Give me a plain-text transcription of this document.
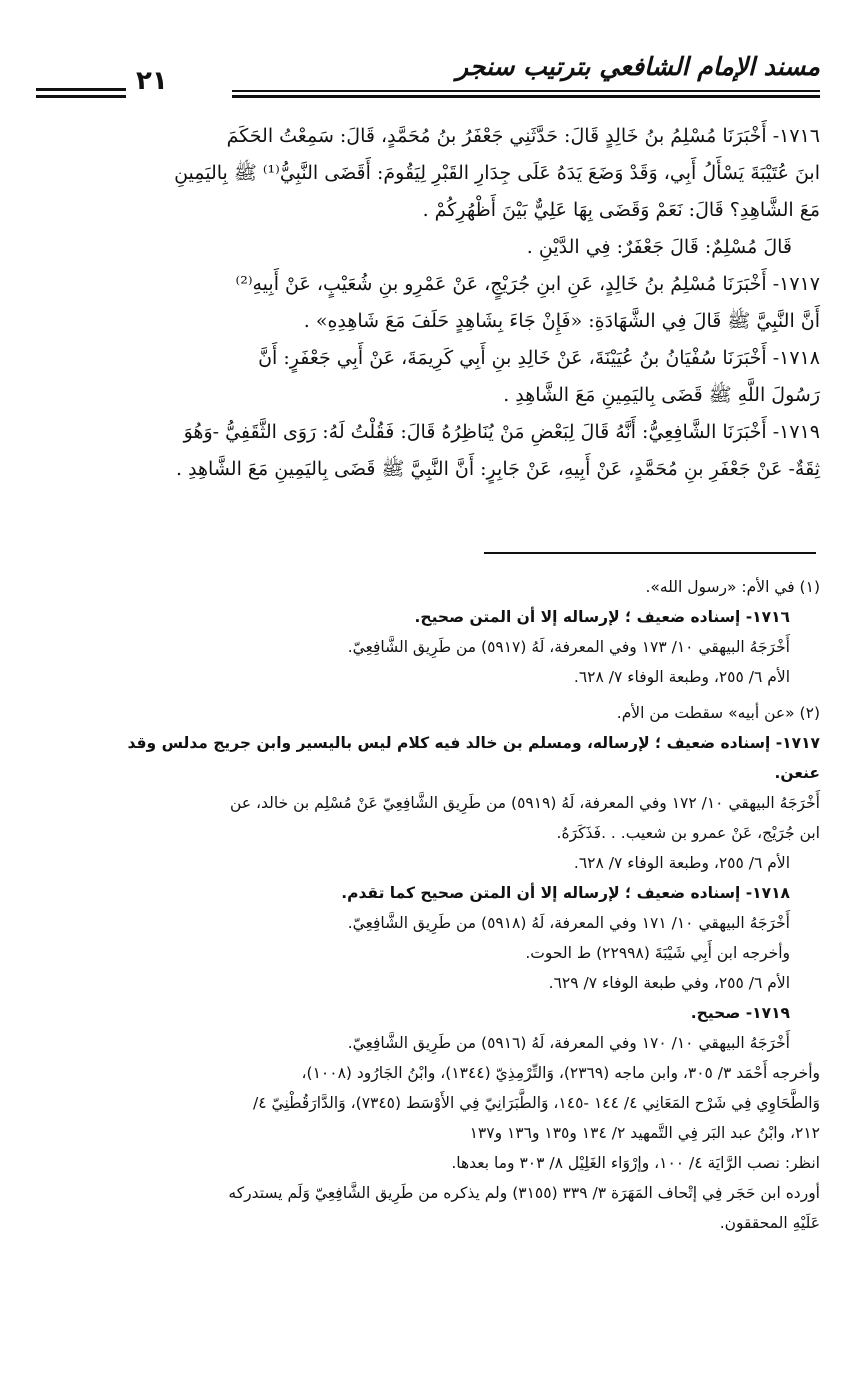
مسند الإمام الشافعي بترتيب سنجر
٢١

١٧١٦- أَخْبَرَنَا مُسْلِمُ بنُ خَالِدٍ قَالَ: حَدَّثَنِي جَعْفَرُ بنُ مُحَمَّدٍ، قَالَ: سَمِعْتُ الحَكَمَ

ابنَ عُتَيْبَةَ يَسْأَلُ أَبِي، وَقَدْ وَضَعَ يَدَهُ عَلَى جِدَارِ القَبْرِ لِيَقُومَ: أَقَضَى النَّبِيُّ⁽¹⁾ ﷺ بِاليَمِينِ

مَعَ الشَّاهِدِ؟ قَالَ: نَعَمْ وَقَضَى بِهَا عَلِيٌّ بَيْنَ أَظْهُرِكُمْ .

قَالَ مُسْلِمٌ: قَالَ جَعْفَرٌ: فِي الدَّيْنِ .

١٧١٧- أَخْبَرَنَا مُسْلِمُ بنُ خَالِدٍ، عَنِ ابنِ جُرَيْجٍ، عَنْ عَمْرِو بنِ شُعَيْبٍ، عَنْ أَبِيهِ⁽²⁾

أَنَّ النَّبِيَّ ﷺ قَالَ فِي الشَّهَادَةِ: «فَإِنْ جَاءَ بِشَاهِدٍ حَلَفَ مَعَ شَاهِدِهِ» .

١٧١٨- أَخْبَرَنَا سُفْيَانُ بنُ عُيَيْنَةَ، عَنْ خَالِدِ بنِ أَبِي كَرِيمَةَ، عَنْ أَبِي جَعْفَرٍ: أَنَّ

رَسُولَ اللَّهِ ﷺ قَضَى بِاليَمِينِ مَعَ الشَّاهِدِ .

١٧١٩- أَخْبَرَنَا الشَّافِعِيُّ: أَنَّهُ قَالَ لِبَعْضِ مَنْ يُنَاظِرُهُ قَالَ: فَقُلْتُ لَهُ: رَوَى الثَّقَفِيُّ -وَهُوَ

ثِقَةٌ- عَنْ جَعْفَرِ بنِ مُحَمَّدٍ، عَنْ أَبِيهِ، عَنْ جَابِرٍ: أَنَّ النَّبِيَّ ﷺ قَضَى بِاليَمِينِ مَعَ الشَّاهِدِ .

(١) في الأم: «رسول الله».

١٧١٦- إسناده ضعيف ؛ لإرساله إلا أن المتن صحيح.

أَخْرَجَهُ البيهقي ١٠/ ١٧٣ وفي المعرفة، لَهُ (٥٩١٧) من طَرِيق الشَّافِعِيّ.

الأم ٦/ ٢٥٥، وطبعة الوفاء ٧/ ٦٢٨.

(٢) «عن أبيه» سقطت من الأم.

١٧١٧- إسناده ضعيف ؛ لإرساله، ومسلم بن خالد فيه كلام ليس باليسير وابن جريج مدلس وقد

عنعن.

أَخْرَجَهُ البيهقي ١٠/ ١٧٢ وفي المعرفة، لَهُ (٥٩١٩) من طَرِيق الشَّافِعِيّ عَنْ مُسْلِم بن خالد، عن

ابن جُرَيْج، عَنْ عمرو بن شعيب. . .فَذَكَرَهُ.

الأم ٦/ ٢٥٥، وطبعة الوفاء ٧/ ٦٢٨.

١٧١٨- إسناده ضعيف ؛ لإرساله إلا أن المتن صحيح كما تقدم.

أَخْرَجَهُ البيهقي ١٠/ ١٧١ وفي المعرفة، لَهُ (٥٩١٨) من طَرِيق الشَّافِعِيّ.

وأخرجه ابن أَبِي شَيْبَةَ (٢٢٩٩٨) ط الحوت.

الأم ٦/ ٢٥٥، وفي طبعة الوفاء ٧/ ٦٢٩.

١٧١٩- صحيح.

أَخْرَجَهُ البيهقي ١٠/ ١٧٠ وفي المعرفة، لَهُ (٥٩١٦) من طَرِيق الشَّافِعِيّ.

وأخرجه أَحْمَد ٣/ ٣٠٥، وابن ماجه (٢٣٦٩)، وَالتِّرْمِذِيّ (١٣٤٤)، وابْنُ الجَارُود (١٠٠٨)،

وَالطَّحَاوِي فِي شَرْح المَعَانِي ٤/ ١٤٤ -١٤٥، وَالطَّبَرَانِيّ فِي الأَوْسَط (٧٣٤٥)، وَالدَّارَقُطْنِيّ ٤/

٢١٢، وابْنُ عبد البَر فِي التَّمهيد ٢/ ١٣٤ و١٣٥ و١٣٦ و١٣٧

انظر: نصب الرَّايَة ٤/ ١٠٠، وإرْوَاء الغَلِيْل ٨/ ٣٠٣ وما بعدها.

أورده ابن حَجَر فِي إتْحاف المَهَرَة ٣/ ٣٣٩ (٣١٥٥) ولم يذكره من طَرِيق الشَّافِعِيّ وَلَم يستدركه

عَلَيْهِ المحققون.
